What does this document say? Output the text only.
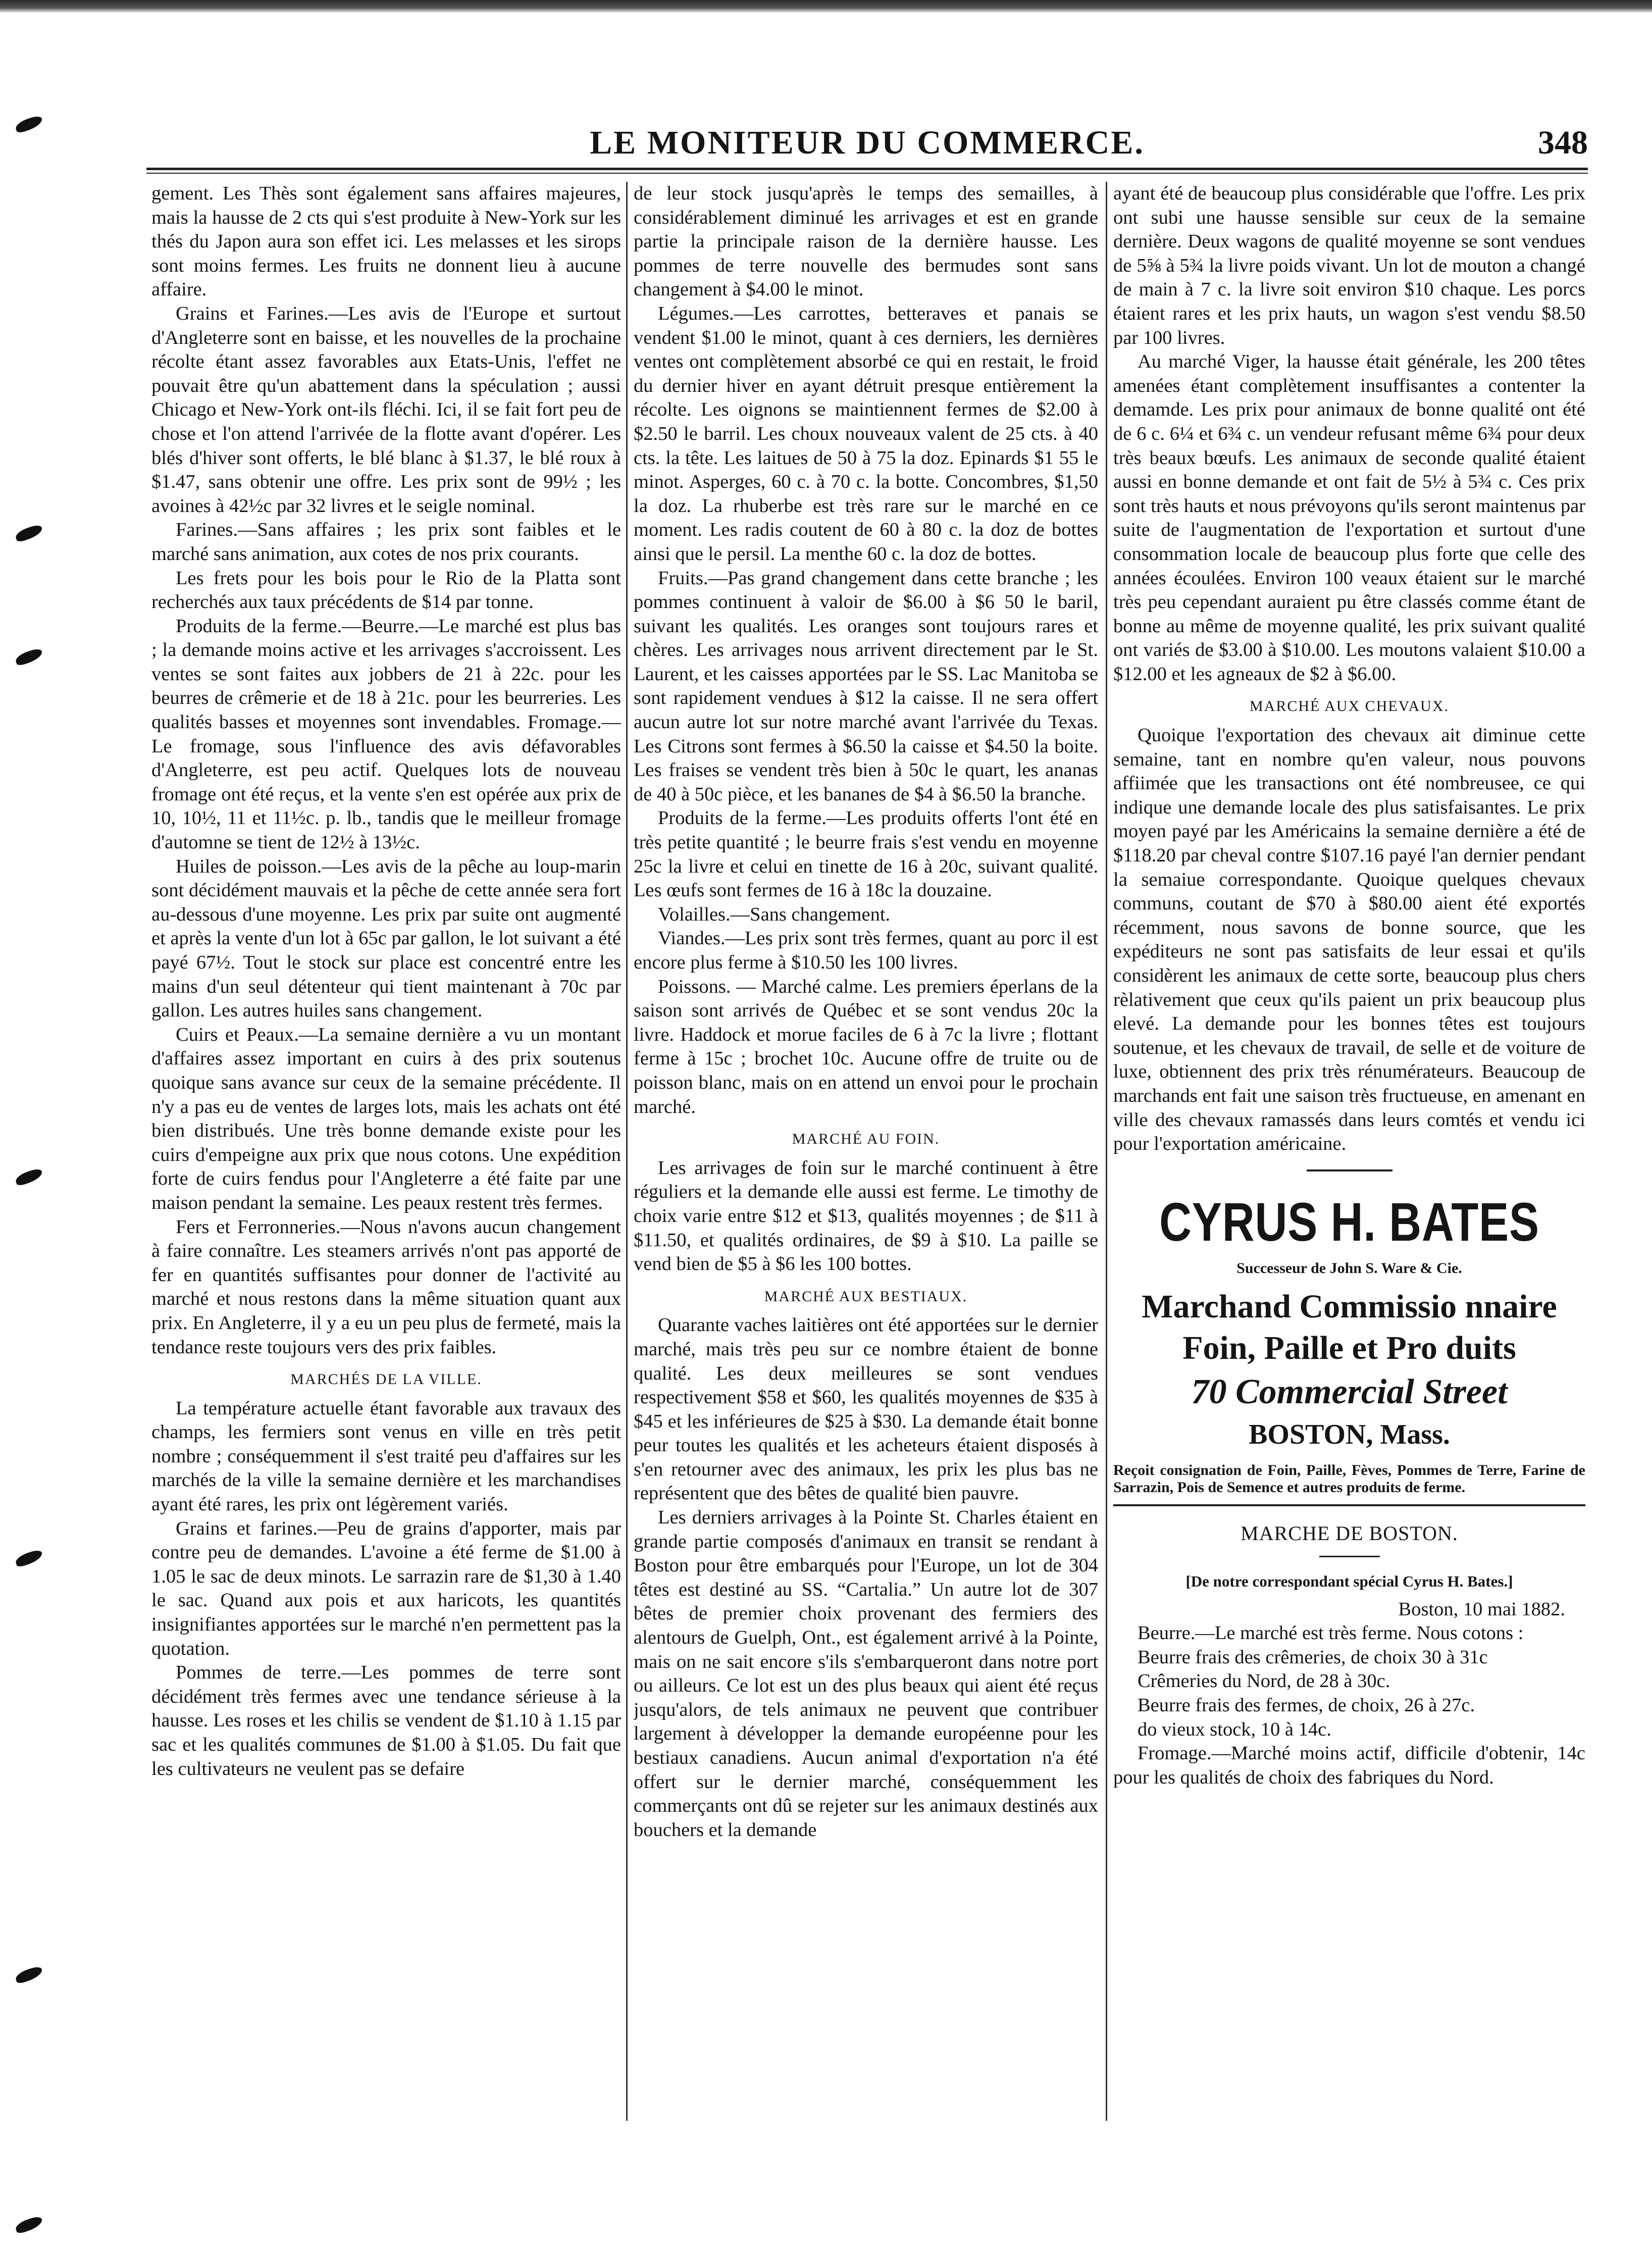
LE MONITEUR DU COMMERCE.	348

gement. Les Thès sont également sans affaires majeures, mais la hausse de 2 cts qui s'est produite à New-York sur les thés du Japon aura son effet ici. Les melasses et les sirops sont moins fermes. Les fruits ne donnent lieu à aucune affaire.

Grains et Farines.—Les avis de l'Europe et surtout d'Angleterre sont en baisse, et les nouvelles de la prochaine récolte étant assez favorables aux Etats-Unis, l'effet ne pouvait être qu'un abattement dans la spéculation ; aussi Chicago et New-York ont-ils fléchi. Ici, il se fait fort peu de chose et l'on attend l'arrivée de la flotte avant d'opérer. Les blés d'hiver sont offerts, le blé blanc à $1.37, le blé roux à $1.47, sans obtenir une offre. Les prix sont de 99½ ; les avoines à 42½c par 32 livres et le seigle nominal.

Farines.—Sans affaires ; les prix sont faibles et le marché sans animation, aux cotes de nos prix courants.

Les frets pour les bois pour le Rio de la Platta sont recherchés aux taux précédents de $14 par tonne.

Produits de la ferme.—Beurre.—Le marché est plus bas ; la demande moins active et les arrivages s'accroissent. Les ventes se sont faites aux jobbers de 21 à 22c. pour les beurres de crêmerie et de 18 à 21c. pour les beurreries. Les qualités basses et moyennes sont invendables. Fromage.—Le fromage, sous l'influence des avis défavorables d'Angleterre, est peu actif. Quelques lots de nouveau fromage ont été reçus, et la vente s'en est opérée aux prix de 10, 10½, 11 et 11½c. p. lb., tandis que le meilleur fromage d'automne se tient de 12½ à 13½c.

Huiles de poisson.—Les avis de la pêche au loup-marin sont décidément mauvais et la pêche de cette année sera fort au-dessous d'une moyenne. Les prix par suite ont augmenté et après la vente d'un lot à 65c par gallon, le lot suivant a été payé 67½. Tout le stock sur place est concentré entre les mains d'un seul détenteur qui tient maintenant à 70c par gallon. Les autres huiles sans changement.

Cuirs et Peaux.—La semaine dernière a vu un montant d'affaires assez important en cuirs à des prix soutenus quoique sans avance sur ceux de la semaine précédente. Il n'y a pas eu de ventes de larges lots, mais les achats ont été bien distribués. Une très bonne demande existe pour les cuirs d'empeigne aux prix que nous cotons. Une expédition forte de cuirs fendus pour l'Angleterre a été faite par une maison pendant la semaine. Les peaux restent très fermes.

Fers et Ferronneries.—Nous n'avons aucun changement à faire connaître. Les steamers arrivés n'ont pas apporté de fer en quantités suffisantes pour donner de l'activité au marché et nous restons dans la même situation quant aux prix. En Angleterre, il y a eu un peu plus de fermeté, mais la tendance reste toujours vers des prix faibles.

MARCHÉS DE LA VILLE.

La température actuelle étant favorable aux travaux des champs, les fermiers sont venus en ville en très petit nombre ; conséquemment il s'est traité peu d'affaires sur les marchés de la ville la semaine dernière et les marchandises ayant été rares, les prix ont légèrement variés.

Grains et farines.—Peu de grains d'apporter, mais par contre peu de demandes. L'avoine a été ferme de $1.00 à 1.05 le sac de deux minots. Le sarrazin rare de $1,30 à 1.40 le sac. Quand aux pois et aux haricots, les quantités insignifiantes apportées sur le marché n'en permettent pas la quotation.

Pommes de terre.—Les pommes de terre sont décidément très fermes avec une tendance sérieuse à la hausse. Les roses et les chilis se vendent de $1.10 à 1.15 par sac et les qualités communes de $1.00 à $1.05. Du fait que les cultivateurs ne veulent pas se defaire

de leur stock jusqu'après le temps des semailles, à considérablement diminué les arrivages et est en grande partie la principale raison de la dernière hausse. Les pommes de terre nouvelle des bermudes sont sans changement à $4.00 le minot.

Légumes.—Les carrottes, betteraves et panais se vendent $1.00 le minot, quant à ces derniers, les dernières ventes ont complètement absorbé ce qui en restait, le froid du dernier hiver en ayant détruit presque entièrement la récolte. Les oignons se maintiennent fermes de $2.00 à $2.50 le barril. Les choux nouveaux valent de 25 cts. à 40 cts. la tête. Les laitues de 50 à 75 la doz. Epinards $1 55 le minot. Asperges, 60 c. à 70 c. la botte. Concombres, $1,50 la doz. La rhuberbe est très rare sur le marché en ce moment. Les radis coutent de 60 à 80 c. la doz de bottes ainsi que le persil. La menthe 60 c. la doz de bottes.

Fruits.—Pas grand changement dans cette branche ; les pommes continuent à valoir de $6.00 à $6 50 le baril, suivant les qualités. Les oranges sont toujours rares et chères. Les arrivages nous arrivent directement par le St. Laurent, et les caisses apportées par le SS. Lac Manitoba se sont rapidement vendues à $12 la caisse. Il ne sera offert aucun autre lot sur notre marché avant l'arrivée du Texas. Les Citrons sont fermes à $6.50 la caisse et $4.50 la boite. Les fraises se vendent très bien à 50c le quart, les ananas de 40 à 50c pièce, et les bananes de $4 à $6.50 la branche.

Produits de la ferme.—Les produits offerts l'ont été en très petite quantité ; le beurre frais s'est vendu en moyenne 25c la livre et celui en tinette de 16 à 20c, suivant qualité. Les œufs sont fermes de 16 à 18c la douzaine.

Volailles.—Sans changement.

Viandes.—Les prix sont très fermes, quant au porc il est encore plus ferme à $10.50 les 100 livres.

Poissons. — Marché calme. Les premiers éperlans de la saison sont arrivés de Québec et se sont vendus 20c la livre. Haddock et morue faciles de 6 à 7c la livre ; flottant ferme à 15c ; brochet 10c. Aucune offre de truite ou de poisson blanc, mais on en attend un envoi pour le prochain marché.

MARCHÉ AU FOIN.

Les arrivages de foin sur le marché continuent à être réguliers et la demande elle aussi est ferme. Le timothy de choix varie entre $12 et $13, qualités moyennes ; de $11 à $11.50, et qualités ordinaires, de $9 à $10. La paille se vend bien de $5 à $6 les 100 bottes.

MARCHÉ AUX BESTIAUX.

Quarante vaches laitières ont été apportées sur le dernier marché, mais très peu sur ce nombre étaient de bonne qualité. Les deux meilleures se sont vendues respectivement $58 et $60, les qualités moyennes de $35 à $45 et les inférieures de $25 à $30. La demande était bonne peur toutes les qualités et les acheteurs étaient disposés à s'en retourner avec des animaux, les prix les plus bas ne représentent que des bêtes de qualité bien pauvre.

Les derniers arrivages à la Pointe St. Charles étaient en grande partie composés d'animaux en transit se rendant à Boston pour être embarqués pour l'Europe, un lot de 304 têtes est destiné au SS. “Cartalia.” Un autre lot de 307 bêtes de premier choix provenant des fermiers des alentours de Guelph, Ont., est également arrivé à la Pointe, mais on ne sait encore s'ils s'embarqueront dans notre port ou ailleurs. Ce lot est un des plus beaux qui aient été reçus jusqu'alors, de tels animaux ne peuvent que contribuer largement à développer la demande européenne pour les bestiaux canadiens. Aucun animal d'exportation n'a été offert sur le dernier marché, conséquemment les commerçants ont dû se rejeter sur les animaux destinés aux bouchers et la demande

ayant été de beaucoup plus considérable que l'offre. Les prix ont subi une hausse sensible sur ceux de la semaine dernière. Deux wagons de qualité moyenne se sont vendues de 5⅝ à 5¾ la livre poids vivant. Un lot de mouton a changé de main à 7 c. la livre soit environ $10 chaque. Les porcs étaient rares et les prix hauts, un wagon s'est vendu $8.50 par 100 livres.

Au marché Viger, la hausse était générale, les 200 têtes amenées étant complètement insuffisantes a contenter la demamde. Les prix pour animaux de bonne qualité ont été de 6 c. 6¼ et 6¾ c. un vendeur refusant même 6¾ pour deux très beaux bœufs. Les animaux de seconde qualité étaient aussi en bonne demande et ont fait de 5½ à 5¾ c. Ces prix sont très hauts et nous prévoyons qu'ils seront maintenus par suite de l'augmentation de l'exportation et surtout d'une consommation locale de beaucoup plus forte que celle des années écoulées. Environ 100 veaux étaient sur le marché très peu cependant auraient pu être classés comme étant de bonne au même de moyenne qualité, les prix suivant qualité ont variés de $3.00 à $10.00. Les moutons valaient $10.00 a $12.00 et les agneaux de $2 à $6.00.

MARCHÉ AUX CHEVAUX.

Quoique l'exportation des chevaux ait diminue cette semaine, tant en nombre qu'en valeur, nous pouvons affiimée que les transactions ont été nombreusee, ce qui indique une demande locale des plus satisfaisantes. Le prix moyen payé par les Américains la semaine dernière a été de $118.20 par cheval contre $107.16 payé l'an dernier pendant la semaiue correspondante. Quoique quelques chevaux communs, coutant de $70 à $80.00 aient été exportés récemment, nous savons de bonne source, que les expéditeurs ne sont pas satisfaits de leur essai et qu'ils considèrent les animaux de cette sorte, beaucoup plus chers rèlativement que ceux qu'ils paient un prix beaucoup plus elevé. La demande pour les bonnes têtes est toujours soutenue, et les chevaux de travail, de selle et de voiture de luxe, obtiennent des prix très rénumérateurs. Beaucoup de marchands ent fait une saison très fructueuse, en amenant en ville des chevaux ramassés dans leurs comtés et vendu ici pour l'exportation américaine.

CYRUS H. BATES
Successeur de John S. Ware & Cie.
Marchand Commissio nnaire
Foin, Paille et Pro duits
70 Commercial Street
BOSTON, Mass.
Reçoit consignation de Foin, Paille, Fèves, Pommes de Terre, Farine de Sarrazin, Pois de Semence et autres produits de ferme.
MARCHE DE BOSTON.
[De notre correspondant spécial Cyrus H. Bates.]
Boston, 10 mai 1882.

Beurre.—Le marché est très ferme. Nous cotons :

Beurre frais des crêmeries, de choix 30 à 31c

Crêmeries du Nord, de 28 à 30c.

Beurre frais des fermes, de choix, 26 à 27c.

do vieux stock, 10 à 14c.

Fromage.—Marché moins actif, difficile d'obtenir, 14c pour les qualités de choix des fabriques du Nord.
